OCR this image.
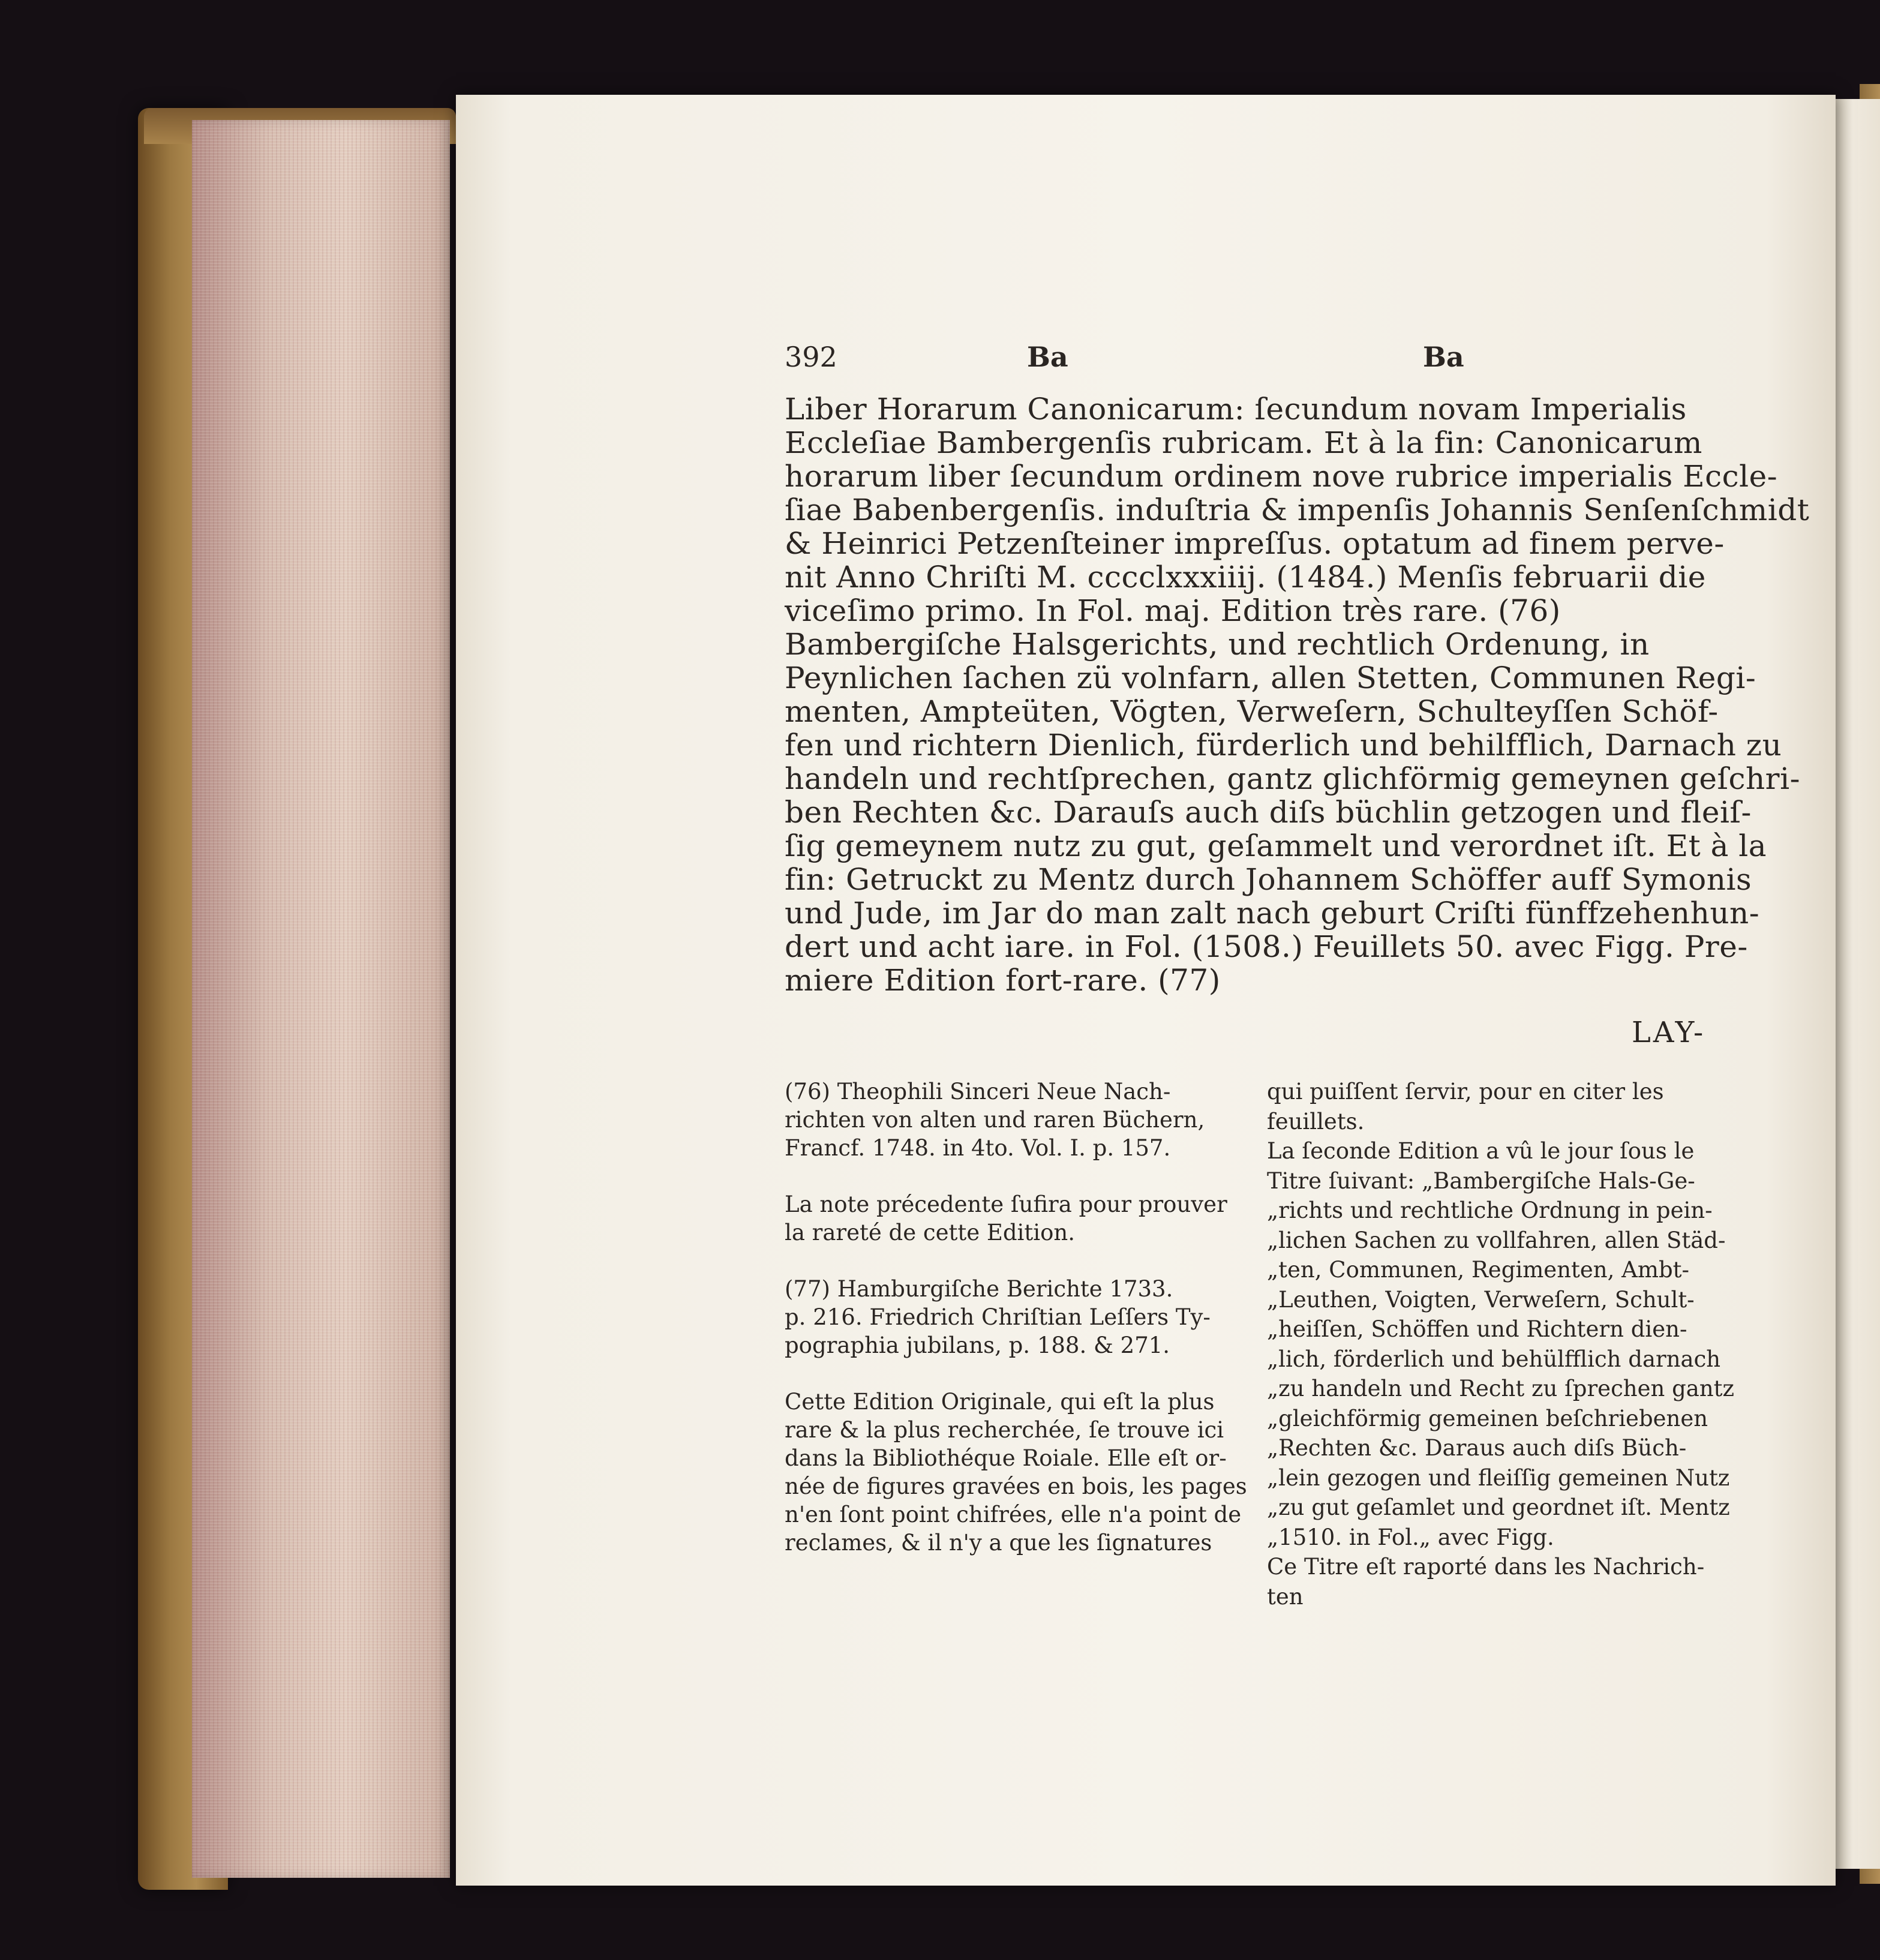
392	Ba	Ba
Liber Horarum Canonicarum: ſecundum novam Imperialis
Eccleſiae Bambergenſis rubricam. Et à la fin: Canonicarum
horarum liber ſecundum ordinem nove rubrice imperialis Eccle-
ſiae Babenbergenſis. induſtria & impenſis Johannis Senſenſchmidt
& Heinrici Petzenſteiner impreſſus. optatum ad finem perve-
nit Anno Chriſti M. cccclxxxiiij. (1484.) Menſis februarii die
viceſimo primo. In Fol. maj. Edition très rare. (76)
Bambergiſche Halsgerichts, und rechtlich Ordenung, in
Peynlichen ſachen zü volnfarn, allen Stetten, Communen Regi-
menten, Ampteüten, Vögten, Verweſern, Schulteyſſen Schöf-
fen und richtern Dienlich, fürderlich und behilfflich, Darnach zu
handeln und rechtſprechen, gantz glichförmig gemeynen geſchri-
ben Rechten &c. Darauſs auch diſs büchlin getzogen und fleiſ-
ſig gemeynem nutz zu gut, geſammelt und verordnet iſt. Et à la
fin: Getruckt zu Mentz durch Johannem Schöffer auff Symonis
und Jude, im Jar do man zalt nach geburt Criſti fünffzehenhun-
dert und acht iare. in Fol. (1508.) Feuillets 50. avec Figg. Pre-
miere Edition fort-rare. (77)
LAY-
(76) Theophili Sinceri Neue Nach-
richten von alten und raren Büchern,
Francf. 1748. in 4to. Vol. I. p. 157.
La note précedente ſufira pour prouver
la rareté de cette Edition.
(77) Hamburgiſche Berichte 1733.
p. 216. Friedrich Chriſtian Leſſers Ty-
pographia jubilans, p. 188. & 271.
Cette Edition Originale, qui eſt la plus
rare & la plus recherchée, ſe trouve ici
dans la Bibliothéque Roiale. Elle eſt or-
née de figures gravées en bois, les pages
n'en ſont point chifrées, elle n'a point de
reclames, & il n'y a que les ſignatures
qui puiſſent ſervir, pour en citer les
feuillets.
La ſeconde Edition a vû le jour ſous le
Titre ſuivant: „Bambergiſche Hals-Ge-
„richts und rechtliche Ordnung in pein-
„lichen Sachen zu vollfahren, allen Städ-
„ten, Communen, Regimenten, Ambt-
„Leuthen, Voigten, Verweſern, Schult-
„heiſſen, Schöffen und Richtern dien-
„lich, förderlich und behülfflich darnach
„zu handeln und Recht zu ſprechen gantz
„gleichförmig gemeinen beſchriebenen
„Rechten &c. Daraus auch diſs Büch-
„lein gezogen und fleiſſig gemeinen Nutz
„zu gut geſamlet und geordnet iſt. Mentz
„1510. in Fol.„ avec Figg.
Ce Titre eſt raporté dans les Nachrich-
ten
